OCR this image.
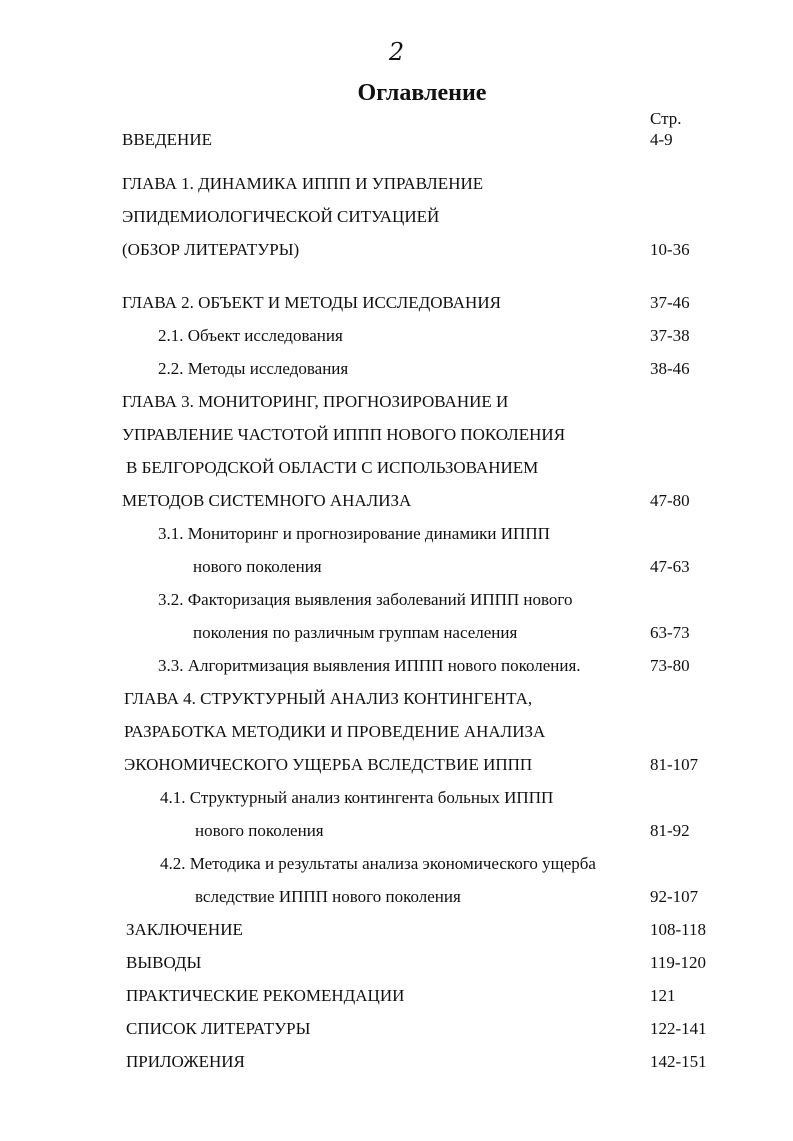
2
Оглавление
Стр.
ВВЕДЕНИЕ	4-9
ГЛАВА 1. ДИНАМИКА ИППП И УПРАВЛЕНИЕ
ЭПИДЕМИОЛОГИЧЕСКОЙ СИТУАЦИЕЙ
(ОБЗОР ЛИТЕРАТУРЫ)	10-36
ГЛАВА 2. ОБЪЕКТ И МЕТОДЫ ИССЛЕДОВАНИЯ	37-46
2.1. Объект исследования	37-38
2.2. Методы исследования	38-46
ГЛАВА 3. МОНИТОРИНГ, ПРОГНОЗИРОВАНИЕ И
УПРАВЛЕНИЕ ЧАСТОТОЙ ИППП НОВОГО ПОКОЛЕНИЯ
В БЕЛГОРОДСКОЙ ОБЛАСТИ С ИСПОЛЬЗОВАНИЕМ
МЕТОДОВ СИСТЕМНОГО АНАЛИЗА	47-80
3.1. Мониторинг и прогнозирование динамики ИППП
нового поколения	47-63
3.2. Факторизация выявления заболеваний ИППП нового
поколения по различным группам населения	63-73
3.3. Алгоритмизация выявления ИППП нового поколения.	73-80
ГЛАВА 4. СТРУКТУРНЫЙ АНАЛИЗ КОНТИНГЕНТА,
РАЗРАБОТКА МЕТОДИКИ И ПРОВЕДЕНИЕ АНАЛИЗА
ЭКОНОМИЧЕСКОГО УЩЕРБА ВСЛЕДСТВИЕ ИППП	81-107
4.1. Структурный анализ контингента больных ИППП
нового поколения	81-92
4.2. Методика и результаты анализа экономического ущерба
вследствие ИППП нового поколения	92-107
ЗАКЛЮЧЕНИЕ	108-118
ВЫВОДЫ	119-120
ПРАКТИЧЕСКИЕ РЕКОМЕНДАЦИИ	121
СПИСОК ЛИТЕРАТУРЫ	122-141
ПРИЛОЖЕНИЯ	142-151
